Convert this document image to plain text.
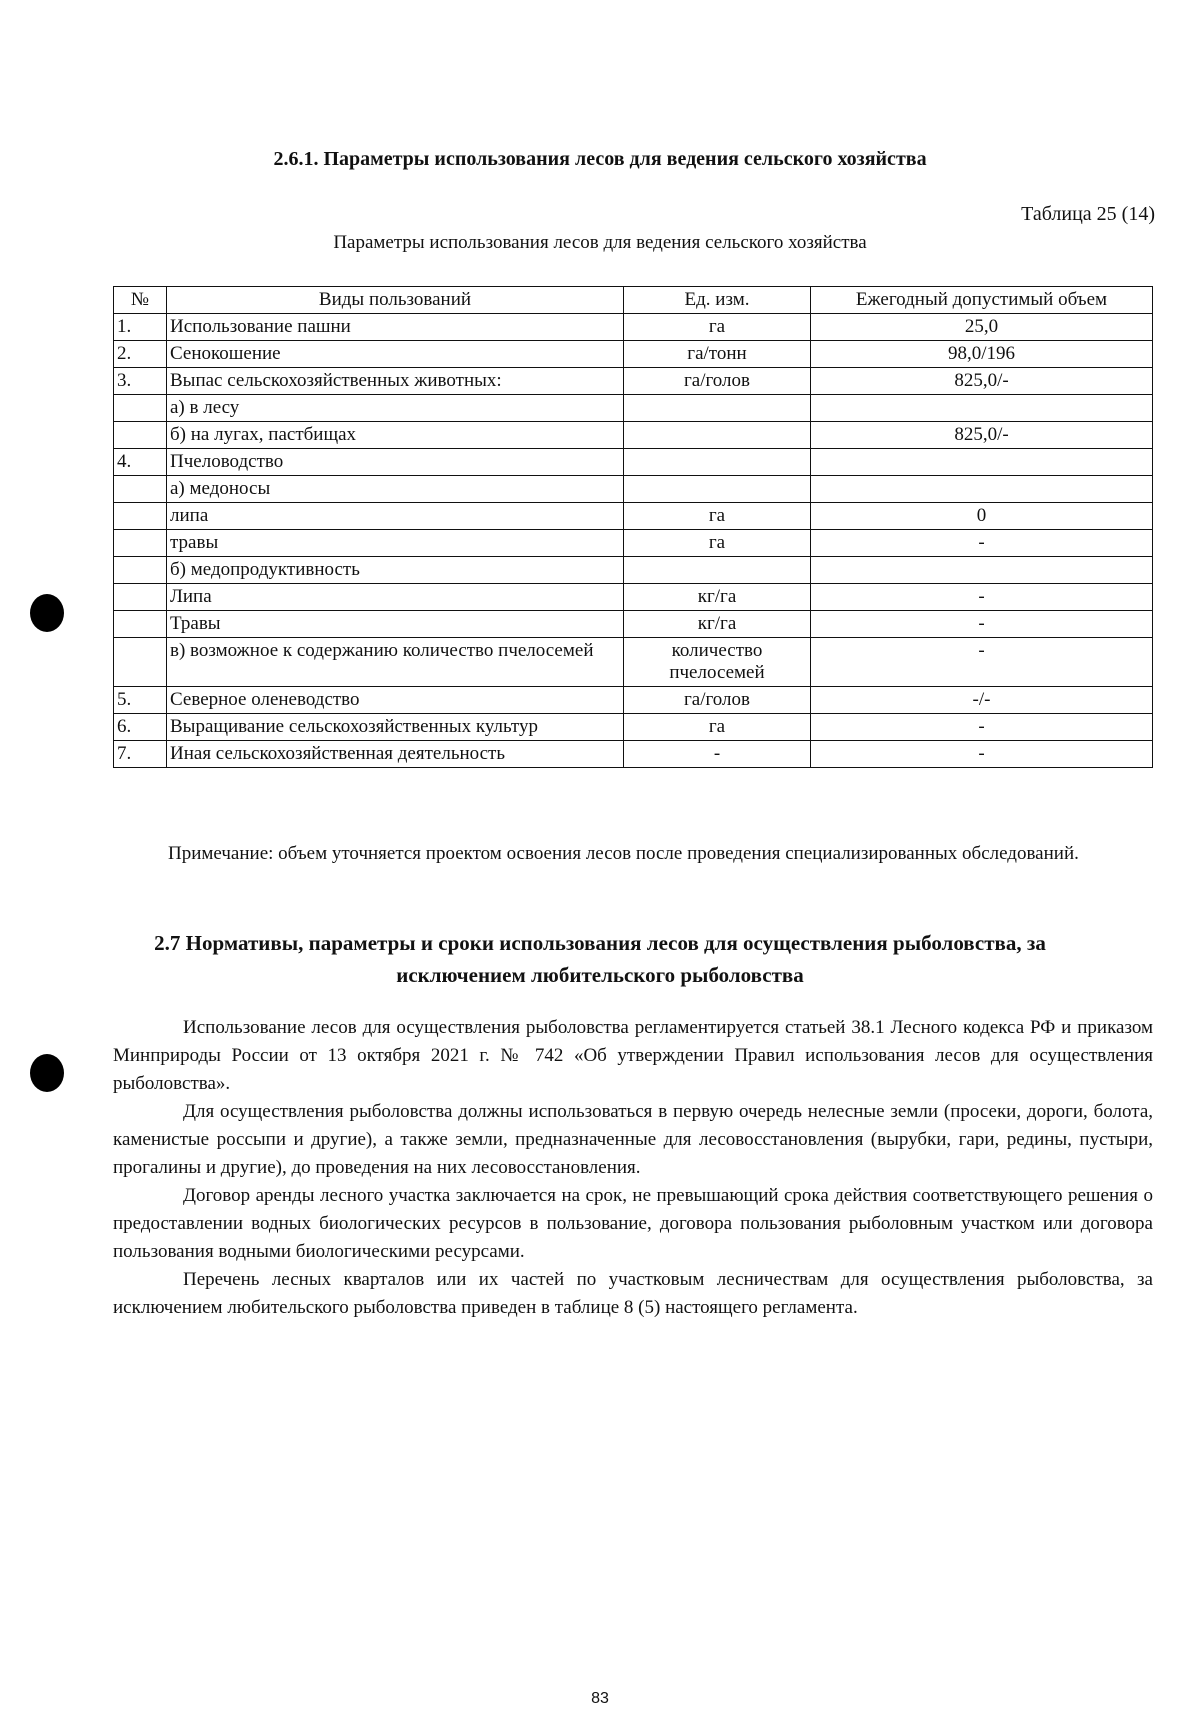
2.6.1. Параметры использования лесов для ведения сельского хозяйства
Таблица 25 (14)
Параметры использования лесов для ведения сельского хозяйства
№	Виды пользований	Ед. изм.	Ежегодный допустимый объем
1.	Использование пашни	га	25,0
2.	Сенокошение	га/тонн	98,0/196
3.	Выпас сельскохозяйственных животных:	га/голов	825,0/-
	а) в лесу		
	б) на лугах, пастбищах		825,0/-
4.	Пчеловодство		
	а) медоносы		
	липа	га	0
	травы	га	-
	б) медопродуктивность		
	Липа	кг/га	-
	Травы	кг/га	-
	в) возможное к содержанию количество пчелосемей	количество пчелосемей	-
5.	Северное оленеводство	га/голов	-/-
6.	Выращивание сельскохозяйственных культур	га	-
7.	Иная сельскохозяйственная деятельность	-	-
Примечание: объем уточняется проектом освоения лесов после проведения специализированных обследований.
2.7 Нормативы, параметры и сроки использования лесов для осуществления рыболовства, за исключением любительского рыболовства

Использование лесов для осуществления рыболовства регламентируется статьей 38.1 Лесного кодекса РФ и приказом Минприроды России от 13 октября 2021 г. № 742 «Об утверждении Правил использования лесов для осуществления рыболовства».

Для осуществления рыболовства должны использоваться в первую очередь нелесные земли (просеки, дороги, болота, каменистые россыпи и другие), а также земли, предназначенные для лесовосстановления (вырубки, гари, редины, пустыри, прогалины и другие), до проведения на них лесовосстановления.

Договор аренды лесного участка заключается на срок, не превышающий срока действия соответствующего решения о предоставлении водных биологических ресурсов в пользование, договора пользования рыболовным участком или договора пользования водными биологическими ресурсами.

Перечень лесных кварталов или их частей по участковым лесничествам для осуществления рыболовства, за исключением любительского рыболовства приведен в таблице 8 (5) настоящего регламента.

83
